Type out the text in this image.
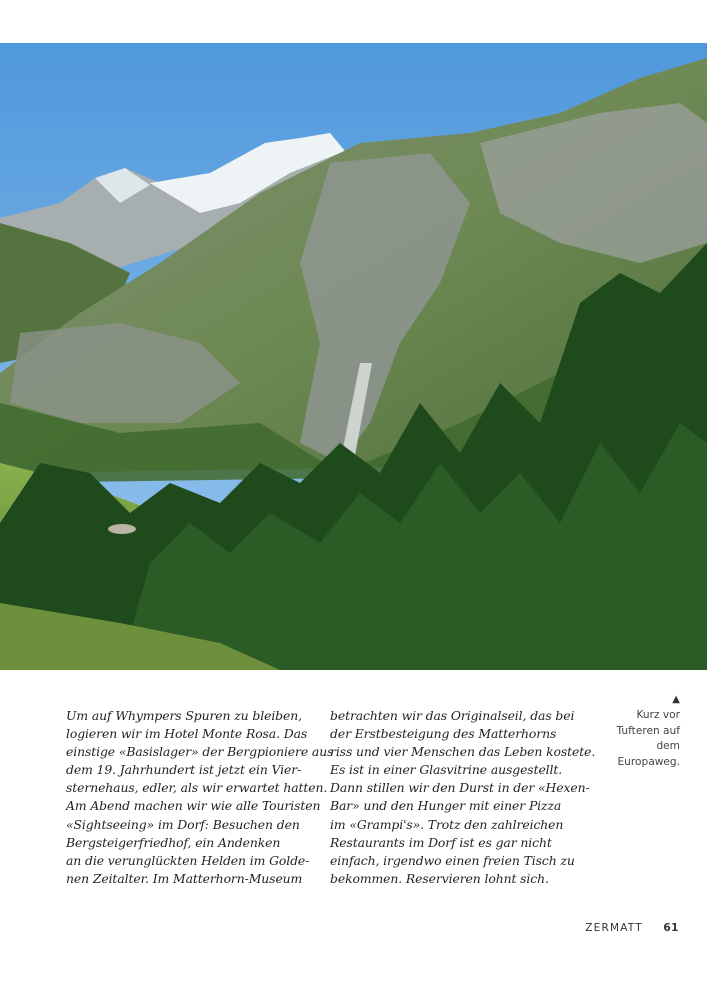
Um auf Whympers Spuren zu bleiben,
logieren wir im Hotel Monte Rosa. Das
einstige «Basislager» der Bergpioniere aus
dem 19. Jahrhundert ist jetzt ein Vier-
sternehaus, edler, als wir erwartet hatten.
Am Abend machen wir wie alle Touristen
«Sightseeing» im Dorf: Besuchen den
Bergsteigerfriedhof, ein Andenken
an die verunglückten Helden im Golde-
nen Zeitalter. Im Matterhorn-Museum
betrachten wir das Originalseil, das bei
der Erstbesteigung des Matterhorns
riss und vier Menschen das Leben kostete.
Es ist in einer Glasvitrine ausgestellt.
Dann stillen wir den Durst in der «Hexen-
Bar» und den Hunger mit einer Pizza
im «Grampi's». Trotz den zahlreichen
Restaurants im Dorf ist es gar nicht
einfach, irgendwo einen freien Tisch zu
bekommen. Reservieren lohnt sich.
▲
Kurz vor
Tufteren auf
dem
Europaweg.
ZERMATT 61
